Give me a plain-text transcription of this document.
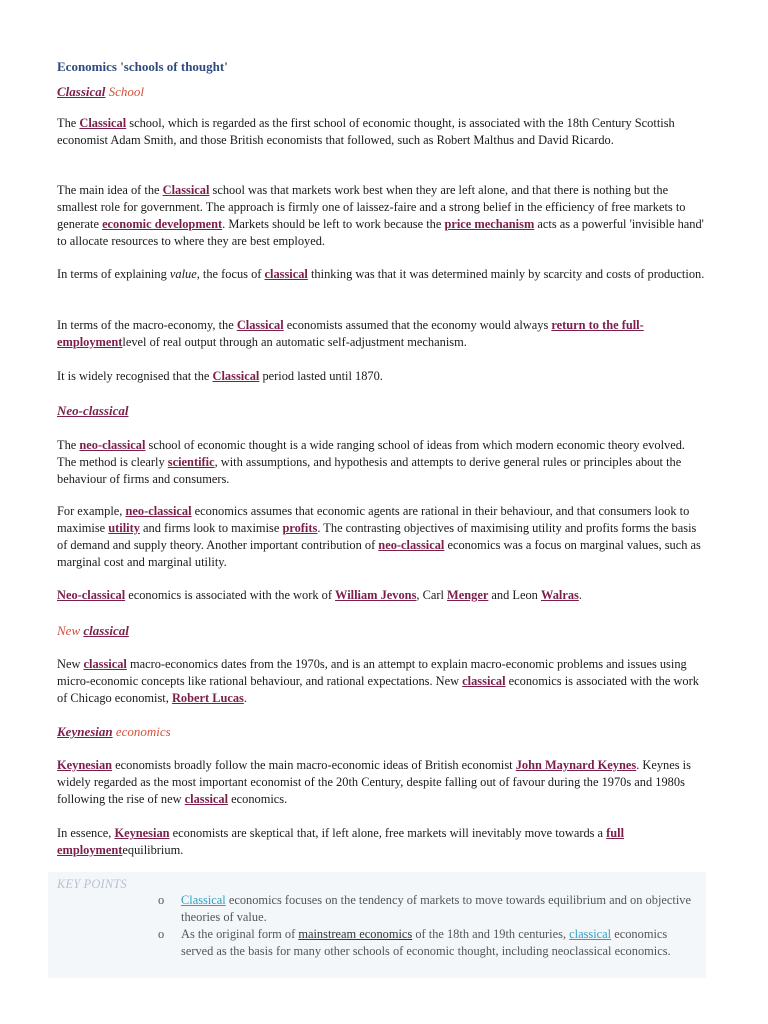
Economics 'schools of thought'
Classical School

The Classical school, which is regarded as the first school of economic thought, is associated with the 18th Century Scottish economist Adam Smith, and those British economists that followed, such as Robert Malthus and David Ricardo.

The main idea of the Classical school was that markets work best when they are left alone, and that there is nothing but the smallest role for government. The approach is firmly one of laissez-faire and a strong belief in the efficiency of free markets to generate economic development. Markets should be left to work because the price mechanism acts as a powerful 'invisible hand' to allocate resources to where they are best employed.

In terms of explaining value, the focus of classical thinking was that it was determined mainly by scarcity and costs of production.

In terms of the macro-economy, the Classical economists assumed that the economy would always return to the full-employmentlevel of real output through an automatic self-adjustment mechanism.

It is widely recognised that the Classical period lasted until 1870.

Neo-classical

The neo-classical school of economic thought is a wide ranging school of ideas from which modern economic theory evolved. The method is clearly scientific, with assumptions, and hypothesis and attempts to derive general rules or principles about the behaviour of firms and consumers.

For example, neo-classical economics assumes that economic agents are rational in their behaviour, and that consumers look to maximise utility and firms look to maximise profits. The contrasting objectives of maximising utility and profits forms the basis of demand and supply theory. Another important contribution of neo-classical economics was a focus on marginal values, such as marginal cost and marginal utility.

Neo-classical economics is associated with the work of William Jevons, Carl Menger and Leon Walras.

New classical

New classical macro-economics dates from the 1970s, and is an attempt to explain macro-economic problems and issues using micro-economic concepts like rational behaviour, and rational expectations. New classical economics is associated with the work of Chicago economist, Robert Lucas.

Keynesian economics

Keynesian economists broadly follow the main macro-economic ideas of British economist John Maynard Keynes. Keynes is widely regarded as the most important economist of the 20th Century, despite falling out of favour during the 1970s and 1980s following the rise of new classical economics.

In essence, Keynesian economists are skeptical that, if left alone, free markets will inevitably move towards a full employmentequilibrium.

KEY POINTS
o Classical economics focuses on the tendency of markets to move towards equilibrium and on objective theories of value.
o As the original form of mainstream economics of the 18th and 19th centuries, classical economics served as the basis for many other schools of economic thought, including neoclassical economics.
